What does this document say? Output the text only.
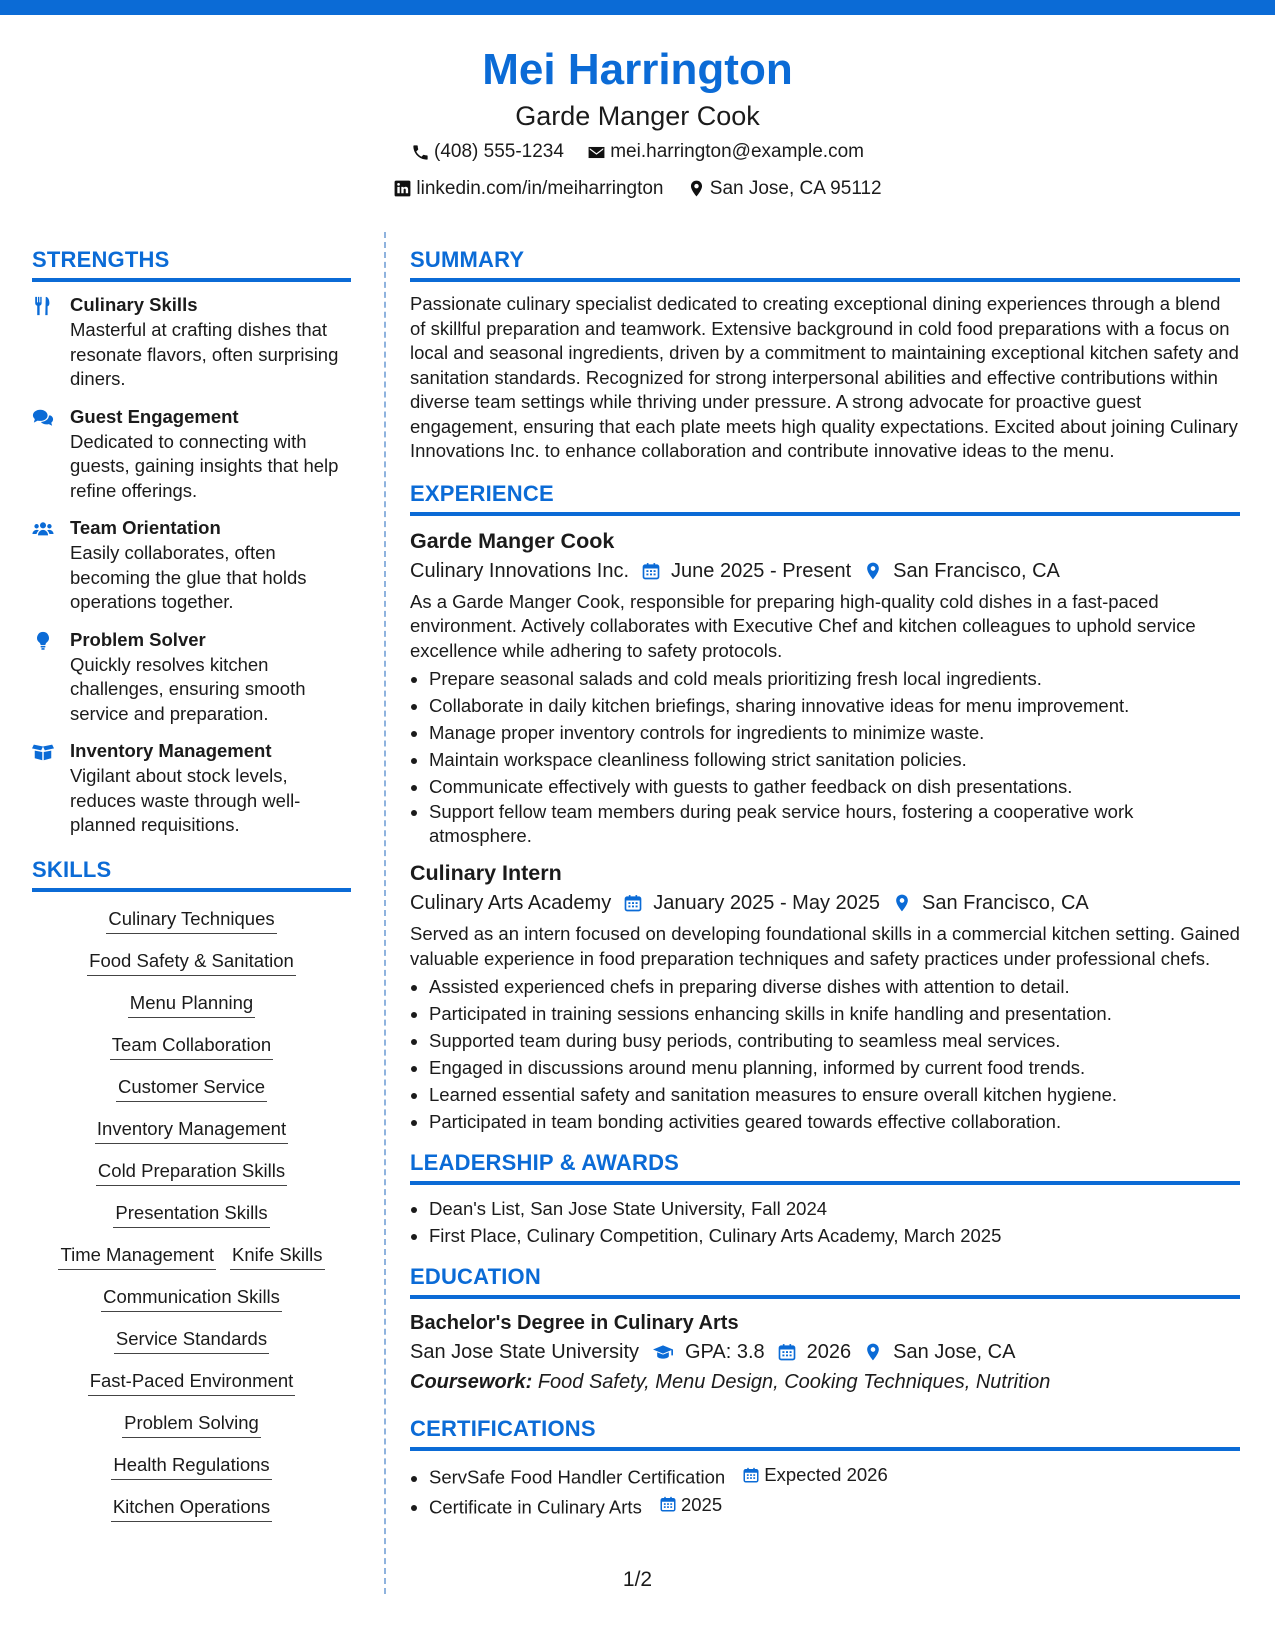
Mei Harrington
Garde Manger Cook
(408) 555-1234
mei.harrington@example.com
linkedin.com/in/meiharrington
San Jose, CA 95112
STRENGTHS
Culinary Skills
Masterful at crafting dishes that resonate flavors, often surprising diners.
Guest Engagement
Dedicated to connecting with guests, gaining insights that help refine offerings.
Team Orientation
Easily collaborates, often becoming the glue that holds operations together.
Problem Solver
Quickly resolves kitchen challenges, ensuring smooth service and preparation.
Inventory Management
Vigilant about stock levels, reduces waste through well-planned requisitions.
SKILLS
Culinary Techniques
Food Safety & Sanitation
Menu Planning
Team Collaboration
Customer Service
Inventory Management
Cold Preparation Skills
Presentation Skills
Time Management Knife Skills
Communication Skills
Service Standards
Fast-Paced Environment
Problem Solving
Health Regulations
Kitchen Operations
SUMMARY
Passionate culinary specialist dedicated to creating exceptional dining experiences through a blend of skillful preparation and teamwork. Extensive background in cold food preparations with a focus on local and seasonal ingredients, driven by a commitment to maintaining exceptional kitchen safety and sanitation standards. Recognized for strong interpersonal abilities and effective contributions within diverse team settings while thriving under pressure. A strong advocate for proactive guest engagement, ensuring that each plate meets high quality expectations. Excited about joining Culinary Innovations Inc. to enhance collaboration and contribute innovative ideas to the menu.
EXPERIENCE
Garde Manger Cook
Culinary Innovations Inc. June 2025 - Present San Francisco, CA
As a Garde Manger Cook, responsible for preparing high-quality cold dishes in a fast-paced environment. Actively collaborates with Executive Chef and kitchen colleagues to uphold service excellence while adhering to safety protocols.
• Prepare seasonal salads and cold meals prioritizing fresh local ingredients.
• Collaborate in daily kitchen briefings, sharing innovative ideas for menu improvement.
• Manage proper inventory controls for ingredients to minimize waste.
• Maintain workspace cleanliness following strict sanitation policies.
• Communicate effectively with guests to gather feedback on dish presentations.
• Support fellow team members during peak service hours, fostering a cooperative work atmosphere.
Culinary Intern
Culinary Arts Academy January 2025 - May 2025 San Francisco, CA
Served as an intern focused on developing foundational skills in a commercial kitchen setting. Gained valuable experience in food preparation techniques and safety practices under professional chefs.
• Assisted experienced chefs in preparing diverse dishes with attention to detail.
• Participated in training sessions enhancing skills in knife handling and presentation.
• Supported team during busy periods, contributing to seamless meal services.
• Engaged in discussions around menu planning, informed by current food trends.
• Learned essential safety and sanitation measures to ensure overall kitchen hygiene.
• Participated in team bonding activities geared towards effective collaboration.
LEADERSHIP & AWARDS
• Dean's List, San Jose State University, Fall 2024
• First Place, Culinary Competition, Culinary Arts Academy, March 2025
EDUCATION
Bachelor's Degree in Culinary Arts
San Jose State University GPA: 3.8 2026 San Jose, CA
Coursework: Food Safety, Menu Design, Cooking Techniques, Nutrition
CERTIFICATIONS
• ServSafe Food Handler Certification Expected 2026
• Certificate in Culinary Arts 2025
1/2
